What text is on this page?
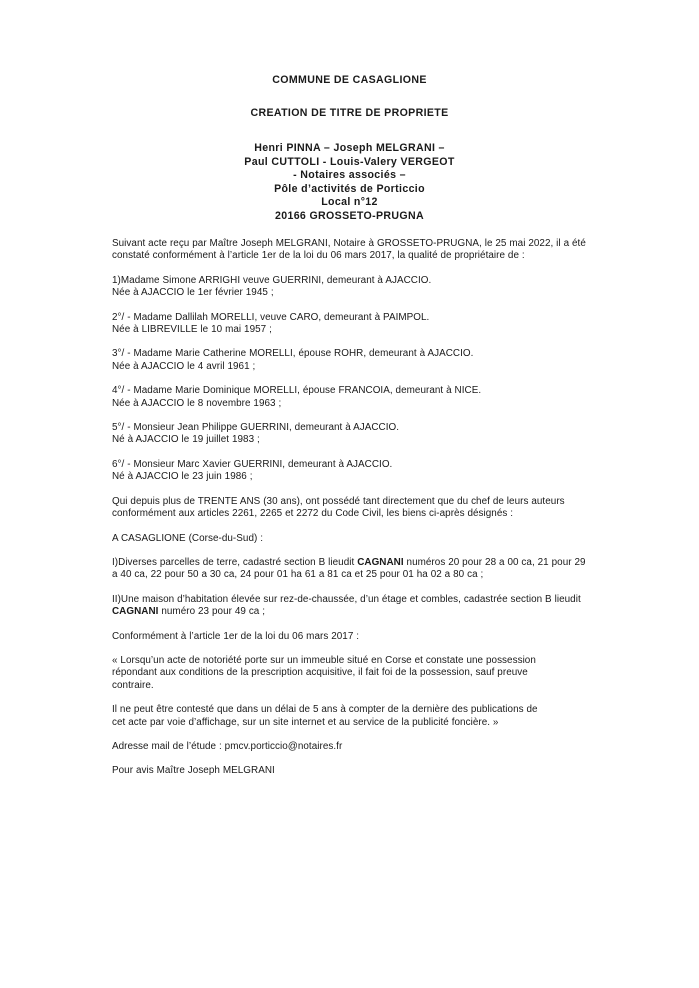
COMMUNE DE CASAGLIONE
CREATION DE TITRE DE PROPRIETE
Henri PINNA – Joseph MELGRANI –
Paul CUTTOLI - Louis-Valery VERGEOT
- Notaires associés –
Pôle d’activités de Porticcio
Local n°12
20166 GROSSETO-PRUGNA

Suivant acte reçu par Maître Joseph MELGRANI, Notaire à GROSSETO-PRUGNA, le 25 mai 2022, il a été
constaté conformément à l’article 1er de la loi du 06 mars 2017, la qualité de propriétaire de :

1)Madame Simone ARRIGHI veuve GUERRINI, demeurant à AJACCIO.
Née à AJACCIO le 1er février 1945 ;

2°/ - Madame Dallilah MORELLI, veuve CARO, demeurant à PAIMPOL.
Née à LIBREVILLE le 10 mai 1957 ;

3°/ - Madame Marie Catherine MORELLI, épouse ROHR, demeurant à AJACCIO.
Née à AJACCIO le 4 avril 1961 ;

4°/ - Madame Marie Dominique MORELLI, épouse FRANCOIA, demeurant à NICE.
Née à AJACCIO le 8 novembre 1963 ;

5°/ - Monsieur Jean Philippe GUERRINI, demeurant à AJACCIO.
Né à AJACCIO le 19 juillet 1983 ;

6°/ - Monsieur Marc Xavier GUERRINI, demeurant à AJACCIO.
Né à AJACCIO le 23 juin 1986 ;

Qui depuis plus de TRENTE ANS (30 ans), ont possédé tant directement que du chef de leurs auteurs
conformément aux articles 2261, 2265 et 2272 du Code Civil, les biens ci-après désignés :

A CASAGLIONE (Corse-du-Sud) :

I)Diverses parcelles de terre, cadastré section B lieudit CAGNANI numéros 20 pour 28 a 00 ca, 21 pour 29
a 40 ca, 22 pour 50 a 30 ca, 24 pour 01 ha 61 a 81 ca et 25 pour 01 ha 02 a 80 ca ;

II)Une maison d’habitation élevée sur rez-de-chaussée, d’un étage et combles, cadastrée section B lieudit
CAGNANI numéro 23 pour 49 ca ;

Conformément à l’article 1er de la loi du 06 mars 2017 :

« Lorsqu’un acte de notoriété porte sur un immeuble situé en Corse et constate une possession
répondant aux conditions de la prescription acquisitive, il fait foi de la possession, sauf preuve
contraire.

Il ne peut être contesté que dans un délai de 5 ans à compter de la dernière des publications de
cet acte par voie d’affichage, sur un site internet et au service de la publicité foncière. »

Adresse mail de l’étude : pmcv.porticcio@notaires.fr

Pour avis Maître Joseph MELGRANI
